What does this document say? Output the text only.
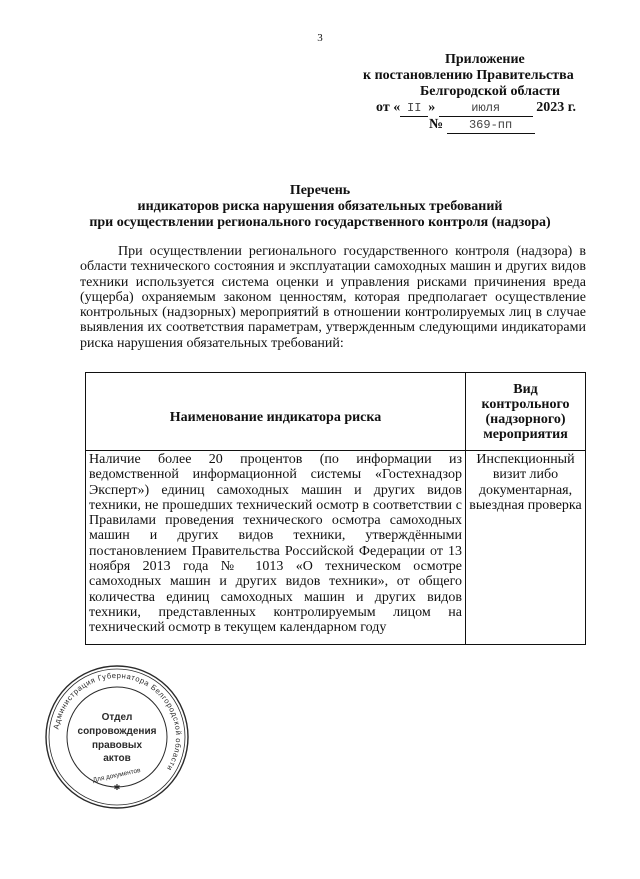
3
Приложение
к постановлению Правительства
Белгородской области
от « II »	июля	2023 г.
№ 369-пп
Перечень
индикаторов риска нарушения обязательных требований
при осуществлении регионального государственного контроля (надзора)
При осуществлении регионального государственного контроля (надзора) в области технического состояния и эксплуатации самоходных машин и других видов техники используется система оценки и управления рисками причинения вреда (ущерба) охраняемым законом ценностям, которая предполагает осуществление контрольных (надзорных) мероприятий в отношении контролируемых лиц в случае выявления их соответствия параметрам, утвержденным следующими индикаторами риска нарушения обязательных требований:
Наименование индикатора риска	Вид контрольного (надзорного) мероприятия
Наличие более 20 процентов (по информации из ведомственной информационной системы «Гостехнадзор Эксперт») единиц самоходных машин и других видов техники, не прошедших технический осмотр в соответствии с Правилами проведения технического осмотра самоходных машин и других видов техники, утверждёнными постановлением Правительства Российской Федерации от 13 ноября 2013 года № 1013 «О техническом осмотре самоходных машин и других видов техники», от общего количества единиц самоходных машин и других видов техники, представленных контролируемым лицом на технический осмотр в текущем календарном году	Инспекционный визит либо документарная, выездная проверка
Администрация Губернатора Белгородской области
Отдел
сопровождения
правовых
актов
Для документов
✱
